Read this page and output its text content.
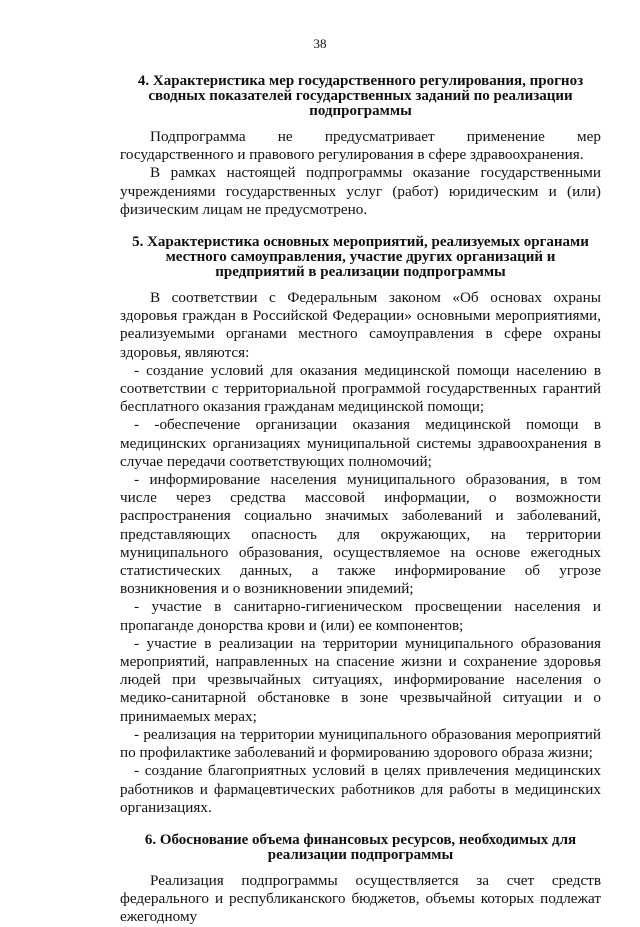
38

4. Характеристика мер государственного регулирования, прогноз сводных показателей государственных заданий по реализации подпрограммы

Подпрограмма не предусматривает применение мер государственного и правового регулирования в сфере здравоохранения.

В рамках настоящей подпрограммы оказание государственными учреждениями государственных услуг (работ) юридическим и (или) физическим лицам не предусмотрено.

5. Характеристика основных мероприятий, реализуемых органами местного самоуправления, участие других организаций и предприятий в реализации подпрограммы

В соответствии с Федеральным законом «Об основах охраны здоровья граждан в Российской Федерации» основными мероприятиями, реализуемыми органами местного самоуправления в сфере охраны здоровья, являются:

- создание условий для оказания медицинской помощи населению в соответствии с территориальной программой государственных гарантий бесплатного оказания гражданам медицинской помощи;

- -обеспечение организации оказания медицинской помощи в медицинских организациях муниципальной системы здравоохранения в случае передачи соответствующих полномочий;

- информирование населения муниципального образования, в том числе через средства массовой информации, о возможности распространения социально значимых заболеваний и заболеваний, представляющих опасность для окружающих, на территории муниципального образования, осуществляемое на основе ежегодных статистических данных, а также информирование об угрозе возникновения и о возникновении эпидемий;

- участие в санитарно-гигиеническом просвещении населения и пропаганде донорства крови и (или) ее компонентов;

- участие в реализации на территории муниципального образования мероприятий, направленных на спасение жизни и сохранение здоровья людей при чрезвычайных ситуациях, информирование населения о медико-санитарной обстановке в зоне чрезвычайной ситуации и о принимаемых мерах;

- реализация на территории муниципального образования мероприятий по профилактике заболеваний и формированию здорового образа жизни;

- создание благоприятных условий в целях привлечения медицинских работников и фармацевтических работников для работы в медицинских организациях.

6. Обоснование объема финансовых ресурсов, необходимых для реализации подпрограммы

Реализация подпрограммы осуществляется за счет средств федерального и республиканского бюджетов, объемы которых подлежат ежегодному
